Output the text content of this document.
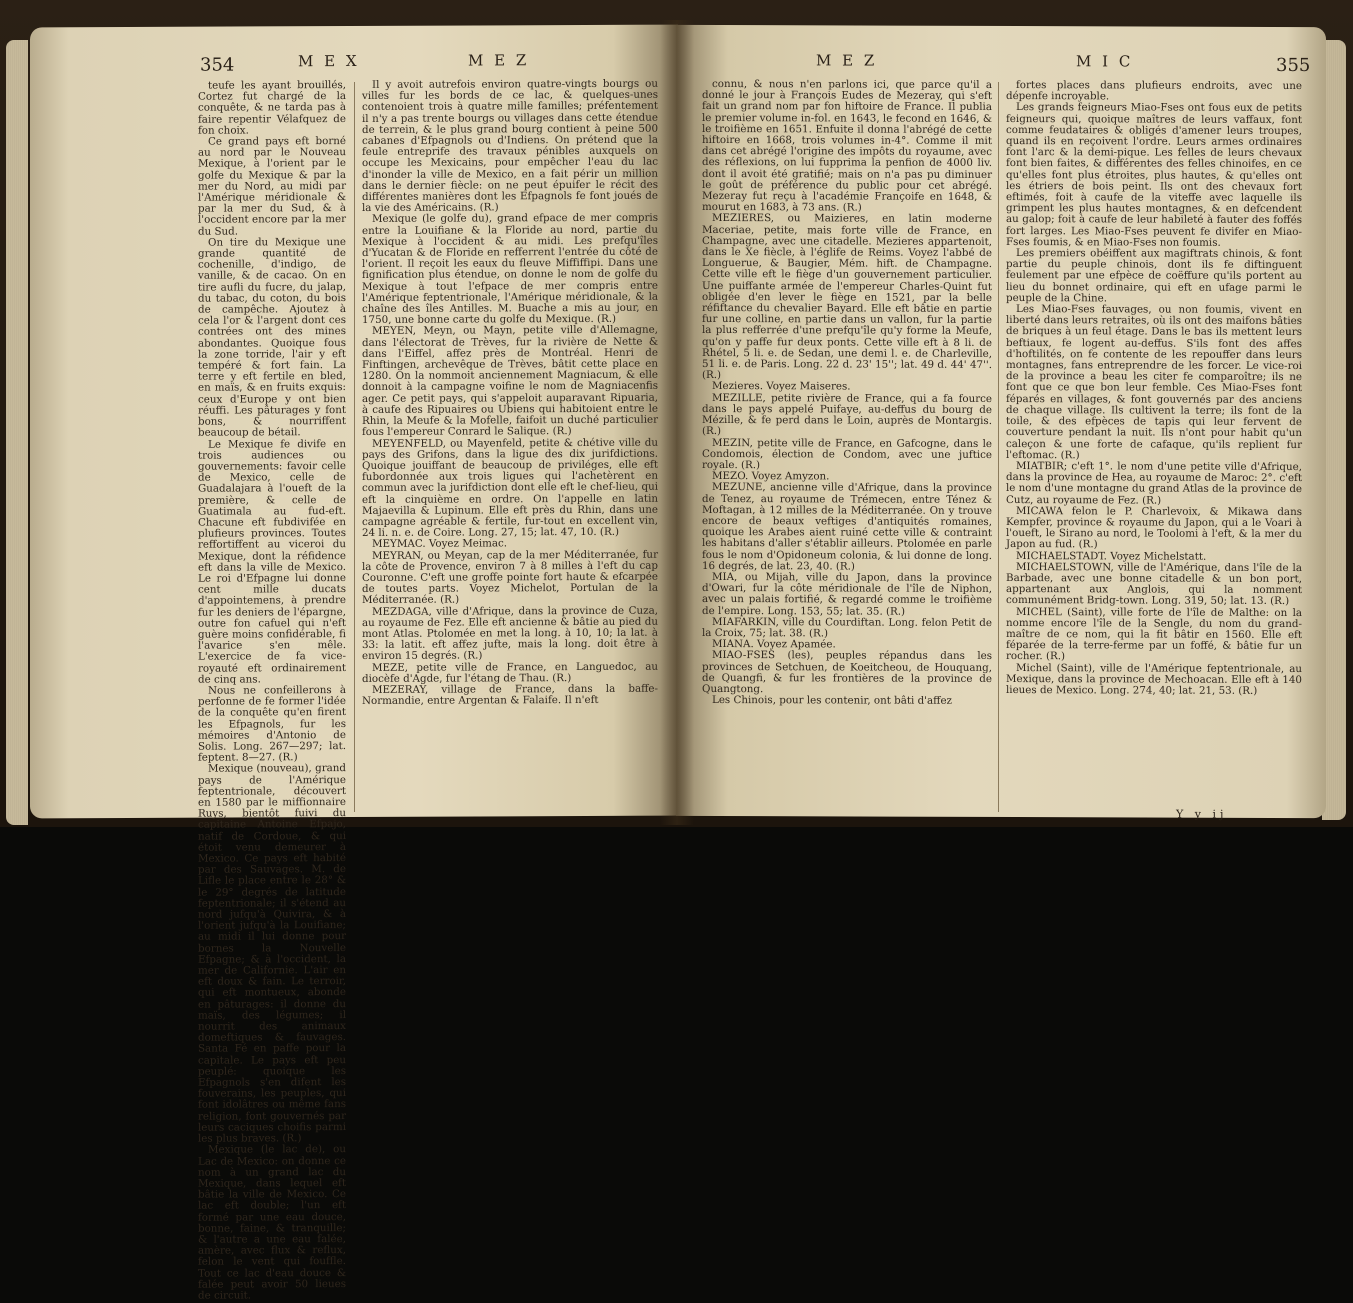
354	M E X	M E Z

teufe les ayant brouillés, Cortez fut chargé de la conquête, & ne tarda pas à faire repentir Vélafquez de fon choix.

Ce grand pays eft borné au nord par le Nouveau Mexique, à l'orient par le golfe du Mexique & par la mer du Nord, au midi par l'Amérique méridionale & par la mer du Sud, & à l'occident encore par la mer du Sud.

On tire du Mexique une grande quantité de cochenille, d'indigo, de vanille, & de cacao. On en tire aufli du fucre, du jalap, du tabac, du coton, du bois de campêche. Ajoutez à cela l'or & l'argent dont ces contrées ont des mines abondantes. Quoique fous la zone torride, l'air y eft tempéré & fort fain. La terre y eft fertile en bled, en maïs, & en fruits exquis: ceux d'Europe y ont bien réuffi. Les pâturages y font bons, & nourriffent beaucoup de bétail.

Le Mexique fe divife en trois audiences ou gouvernements: favoir celle de Mexico, celle de Guadalajara à l'oueft de la première, & celle de Guatimala au fud-eft. Chacune eft fubdivifée en plufieurs provinces. Toutes reffortiffent au viceroi du Mexique, dont la réfidence eft dans la ville de Mexico. Le roi d'Efpagne lui donne cent mille ducats d'appointemens, à prendre fur les deniers de l'épargne, outre fon cafuel qui n'eft guère moins confidérable, fi l'avarice s'en mêle. L'exercice de fa vice-royauté eft ordinairement de cinq ans.

Nous ne confeillerons à perfonne de fe former l'idée de la conquête qu'en firent les Efpagnols, fur les mémoires d'Antonio de Solis. Long. 267—297; lat. feptent. 8—27. (R.)

Mexique (nouveau), grand pays de l'Amérique feptentrionale, découvert en 1580 par le miffionnaire Ruys, bientôt fuivi du capitaine Antoine Efpajo, natif de Cordoue, & qui étoit venu demeurer à Mexico. Ce pays eft habité par des Sauvages. M. de Lifle le place entre le 28° & le 29° degrés de latitude feptentrionale; il s'étend au nord jufqu'à Quivira, & à l'orient jufqu'à la Louifiane; au midi il lui donne pour bornes la Nouvelle Efpagne; & à l'occident, la mer de Californie. L'air en eft doux & fain. Le terroir, qui eft montueux, abonde en pâturages: il donne du maïs, des légumes; il nourrit des animaux domeftiques & fauvages. Santa Fé en paffe pour la capitale. Le pays eft peu peuplé: quoique les Efpagnols s'en difent les fouverains, les peuples, qui font idolâtres ou même fans religion, font gouvernés par leurs caciques choifis parmi les plus braves. (R.)

Mexique (le lac de), ou Lac de Mexico: on donne ce nom à un grand lac du Mexique, dans lequel eft bâtie la ville de Mexico. Ce lac eft double; l'un eft formé par une eau douce, bonne, faine, & tranquille; & l'autre a une eau falée, amère, avec flux & reflux, felon le vent qui fouffle. Tout ce lac d'eau douce & falée peut avoir 50 lieues de circuit.

Il y avoit autrefois environ quatre-vingts bourgs ou villes fur les bords de ce lac, & quelques-unes contenoient trois à quatre mille familles; préfentement il n'y a pas trente bourgs ou villages dans cette étendue de terrein, & le plus grand bourg contient à peine 500 cabanes d'Efpagnols ou d'Indiens. On prétend que la feule entreprife des travaux pénibles auxquels on occupe les Mexicains, pour empêcher l'eau du lac d'inonder la ville de Mexico, en a fait périr un million dans le dernier fiècle: on ne peut épuifer le récit des différentes manières dont les Efpagnols fe font joués de la vie des Américains. (R.)

Mexique (le golfe du), grand efpace de mer compris entre la Louifiane & la Floride au nord, partie du Mexique à l'occident & au midi. Les prefqu'îles d'Yucatan & de Floride en refferrent l'entrée du côté de l'orient. Il reçoit les eaux du fleuve Miffiffipi. Dans une fignification plus étendue, on donne le nom de golfe du Mexique à tout l'efpace de mer compris entre l'Amérique feptentrionale, l'Amérique méridionale, & la chaîne des îles Antilles. M. Buache a mis au jour, en 1750, une bonne carte du golfe du Mexique. (R.)

MEYEN, Meyn, ou Mayn, petite ville d'Allemagne, dans l'électorat de Trèves, fur la rivière de Nette & dans l'Eiffel, affez près de Montréal. Henri de Finftingen, archevêque de Trèves, bâtit cette place en 1280. On la nommoit anciennement Magniacum, & elle donnoit à la campagne voifine le nom de Magniacenfis ager. Ce petit pays, qui s'appeloit auparavant Ripuaria, à caufe des Ripuaires ou Ubiens qui habitoient entre le Rhin, la Meufe & la Mofelle, faifoit un duché particulier fous l'empereur Conrard le Salique. (R.)

MEYENFELD, ou Mayenfeld, petite & chétive ville du pays des Grifons, dans la ligue des dix jurifdictions. Quoique jouiffant de beaucoup de priviléges, elle eft fubordonnée aux trois ligues qui l'achetèrent en commun avec la jurifdiction dont elle eft le chef-lieu, qui eft la cinquième en ordre. On l'appelle en latin Majaevilla & Lupinum. Elle eft près du Rhin, dans une campagne agréable & fertile, fur-tout en excellent vin, 24 li. n. e. de Coire. Long. 27, 15; lat. 47, 10. (R.)

MEYMAC. Voyez Meimac.

MEYRAN, ou Meyan, cap de la mer Méditerranée, fur la côte de Provence, environ 7 à 8 milles à l'eft du cap Couronne. C'eft une groffe pointe fort haute & efcarpée de toutes parts. Voyez Michelot, Portulan de la Méditerranée. (R.)

MEZDAGA, ville d'Afrique, dans la province de Cuza, au royaume de Fez. Elle eft ancienne & bâtie au pied du mont Atlas. Ptolomée en met la long. à 10, 10; la lat. à 33: la latit. eft affez jufte, mais la long. doit être à environ 15 degrés. (R.)

MEZE, petite ville de France, en Languedoc, au diocèfe d'Agde, fur l'étang de Thau. (R.)

MEZERAY, village de France, dans la baffe-Normandie, entre Argentan & Falaife. Il n'eft

M E Z	M I C	355

connu, & nous n'en parlons ici, que parce qu'il a donné le jour à François Eudes de Mezeray, qui s'eft fait un grand nom par fon hiftoire de France. Il publia le premier volume in-fol. en 1643, le fecond en 1646, & le troifième en 1651. Enfuite il donna l'abrégé de cette hiftoire en 1668, trois volumes in-4°. Comme il mit dans cet abrégé l'origine des impôts du royaume, avec des réflexions, on lui fupprima la penfion de 4000 liv. dont il avoit été gratifié; mais on n'a pas pu diminuer le goût de préférence du public pour cet abrégé. Mezeray fut reçu à l'académie Françoife en 1648, & mourut en 1683, à 73 ans. (R.)

MEZIERES, ou Maizieres, en latin moderne Maceriae, petite, mais forte ville de France, en Champagne, avec une citadelle. Mezieres appartenoit, dans le Xe fiècle, à l'églife de Reims. Voyez l'abbé de Longuerue, & Baugier, Mém. hift. de Champagne. Cette ville eft le fiège d'un gouvernement particulier. Une puiffante armée de l'empereur Charles-Quint fut obligée d'en lever le fiège en 1521, par la belle réfiftance du chevalier Bayard. Elle eft bâtie en partie fur une colline, en partie dans un vallon, fur la partie la plus refferrée d'une prefqu'île qu'y forme la Meufe, qu'on y paffe fur deux ponts. Cette ville eft à 8 li. de Rhétel, 5 li. e. de Sedan, une demi l. e. de Charleville, 51 li. e. de Paris. Long. 22 d. 23' 15''; lat. 49 d. 44' 47''. (R.)

Mezieres. Voyez Maiseres.

MEZILLE, petite rivière de France, qui a fa fource dans le pays appelé Puifaye, au-deffus du bourg de Mézille, & fe perd dans le Loin, auprès de Montargis. (R.)

MEZIN, petite ville de France, en Gafcogne, dans le Condomois, élection de Condom, avec une juftice royale. (R.)

MEZO. Voyez Amyzon.

MEZUNE, ancienne ville d'Afrique, dans la province de Tenez, au royaume de Trémecen, entre Ténez & Moftagan, à 12 milles de la Méditerranée. On y trouve encore de beaux veftiges d'antiquités romaines, quoique les Arabes aient ruiné cette ville & contraint les habitans d'aller s'établir ailleurs. Ptolomée en parle fous le nom d'Opidoneum colonia, & lui donne de long. 16 degrés, de lat. 23, 40. (R.)

MIA, ou Mijah, ville du Japon, dans la province d'Owari, fur la côte méridionale de l'île de Niphon, avec un palais fortifié, & regardé comme le troifième de l'empire. Long. 153, 55; lat. 35. (R.)

MIAFARKIN, ville du Courdiftan. Long. felon Petit de la Croix, 75; lat. 38. (R.)

MIANA. Voyez Apamée.

MIAO-FSES (les), peuples répandus dans les provinces de Setchuen, de Koeitcheou, de Houquang, de Quangfi, & fur les frontières de la province de Quangtong.

Les Chinois, pour les contenir, ont bâti d'affez

fortes places dans plufieurs endroits, avec une dépenfe incroyable.

Les grands feigneurs Miao-Fses ont fous eux de petits feigneurs qui, quoique maîtres de leurs vaffaux, font comme feudataires & obligés d'amener leurs troupes, quand ils en reçoivent l'ordre. Leurs armes ordinaires font l'arc & la demi-pique. Les felles de leurs chevaux font bien faites, & différentes des felles chinoifes, en ce qu'elles font plus étroites, plus hautes, & qu'elles ont les étriers de bois peint. Ils ont des chevaux fort eftimés, foit à caufe de la viteffe avec laquelle ils grimpent les plus hautes montagnes, & en defcendent au galop; foit à caufe de leur habileté à fauter des foffés fort larges. Les Miao-Fses peuvent fe divifer en Miao-Fses foumis, & en Miao-Fses non foumis.

Les premiers obéiffent aux magiftrats chinois, & font partie du peuple chinois, dont ils fe diftinguent feulement par une efpèce de coëffure qu'ils portent au lieu du bonnet ordinaire, qui eft en ufage parmi le peuple de la Chine.

Les Miao-Fses fauvages, ou non foumis, vivent en liberté dans leurs retraites, où ils ont des maifons bâties de briques à un feul étage. Dans le bas ils mettent leurs beftiaux, fe logent au-deffus. S'ils font des affes d'hoftilités, on fe contente de les repouffer dans leurs montagnes, fans entreprendre de les forcer. Le vice-roi de la province a beau les citer fe comparoître; ils ne font que ce que bon leur femble. Ces Miao-Fses font féparés en villages, & font gouvernés par des anciens de chaque village. Ils cultivent la terre; ils font de la toile, & des efpèces de tapis qui leur fervent de couverture pendant la nuit. Ils n'ont pour habit qu'un caleçon & une forte de cafaque, qu'ils replient fur l'eftomac. (R.)

MIATBIR; c'eft 1°. le nom d'une petite ville d'Afrique, dans la province de Hea, au royaume de Maroc: 2°. c'eft le nom d'une montagne du grand Atlas de la province de Cutz, au royaume de Fez. (R.)

MICAWA felon le P. Charlevoix, & Mikawa dans Kempfer, province & royaume du Japon, qui a le Voari à l'oueft, le Sirano au nord, le Toolomi à l'eft, & la mer du Japon au fud. (R.)

MICHAELSTADT. Voyez Michelstatt.

MICHAELSTOWN, ville de l'Amérique, dans l'île de la Barbade, avec une bonne citadelle & un bon port, appartenant aux Anglois, qui la nomment communément Bridg-town. Long. 319, 50; lat. 13. (R.)

MICHEL (Saint), ville forte de l'île de Malthe: on la nomme encore l'île de la Sengle, du nom du grand-maître de ce nom, qui la fit bâtir en 1560. Elle eft féparée de la terre-ferme par un foffé, & bâtie fur un rocher. (R.)

Michel (Saint), ville de l'Amérique feptentrionale, au Mexique, dans la province de Mechoacan. Elle eft à 140 lieues de Mexico. Long. 274, 40; lat. 21, 53. (R.)

Y y ij
